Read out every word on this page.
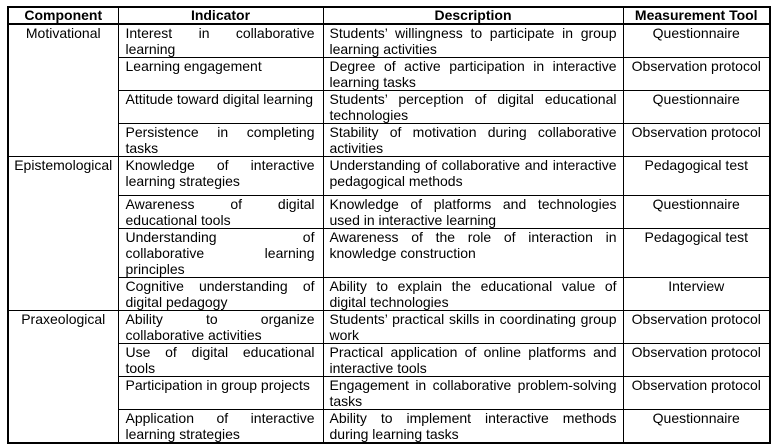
Component	Indicator	Description	Measurement Tool
Motivational	Interest in collaborative learning	Students’ willingness to participate in group learning activities	Questionnaire
	Learning engagement	Degree of active participation in interactive learning tasks	Observation protocol
	Attitude toward digital learning	Students’ perception of digital educational technologies	Questionnaire
	Persistence in completing tasks	Stability of motivation during collaborative activities	Observation protocol
Epistemological	Knowledge of interactive learning strategies	Understanding of collaborative and interactive pedagogical methods	Pedagogical test
	Awareness of digital educational tools	Knowledge of platforms and technologies used in interactive learning	Questionnaire
	Understanding of collaborative learning principles	Awareness of the role of interaction in knowledge construction	Pedagogical test
	Cognitive understanding of digital pedagogy	Ability to explain the educational value of digital technologies	Interview
Praxeological	Ability to organize collaborative activities	Students’ practical skills in coordinating group work	Observation protocol
	Use of digital educational tools	Practical application of online platforms and interactive tools	Observation protocol
	Participation in group projects	Engagement in collaborative problem-solving tasks	Observation protocol
	Application of interactive learning strategies	Ability to implement interactive methods during learning tasks	Questionnaire
